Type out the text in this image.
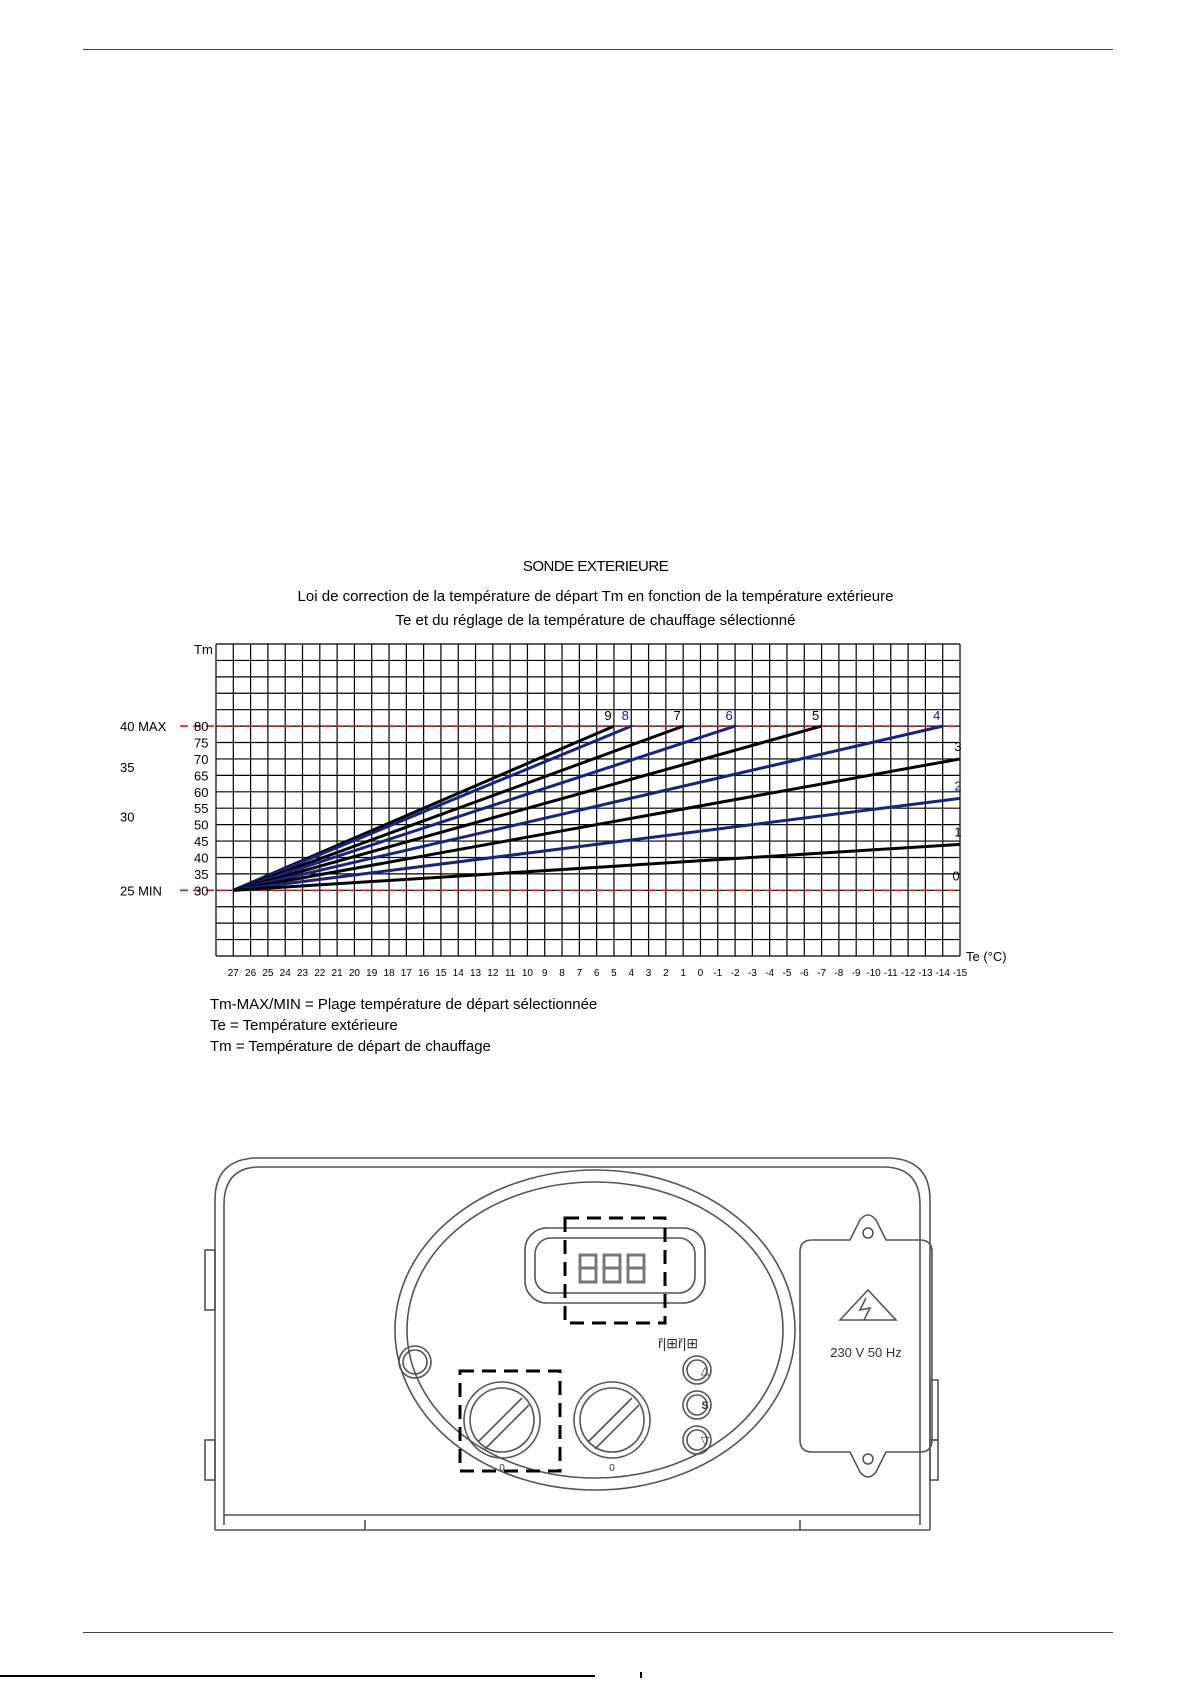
SONDE EXTERIEURE
Loi de correction de la température de départ Tm en fonction de la température extérieure
Te et du réglage de la température de chauffage sélectionné
9 8	7	6	5	4
3
2
1
0
80
75
70
65
60
55
50
45
40
35
30
40 MAX
35
30
25 MIN
27 26 25 24 23 22 21 20 19 18 17 16 15 14 13 12 11 10 9 8 7 6 5 4 3 2 1 0 -1 -2 -3 -4 -5 -6 -7 -8 -9 -10 -11 -12 -13 -14 -15
Tm
Te (°C)
Tm-MAX/MIN = Plage température de départ sélectionnée
Te = Température extérieure
Tm = Température de départ de chauffage
0	0
ř|⊞ř|⊞
△
S
▽
230 V 50 Hz
